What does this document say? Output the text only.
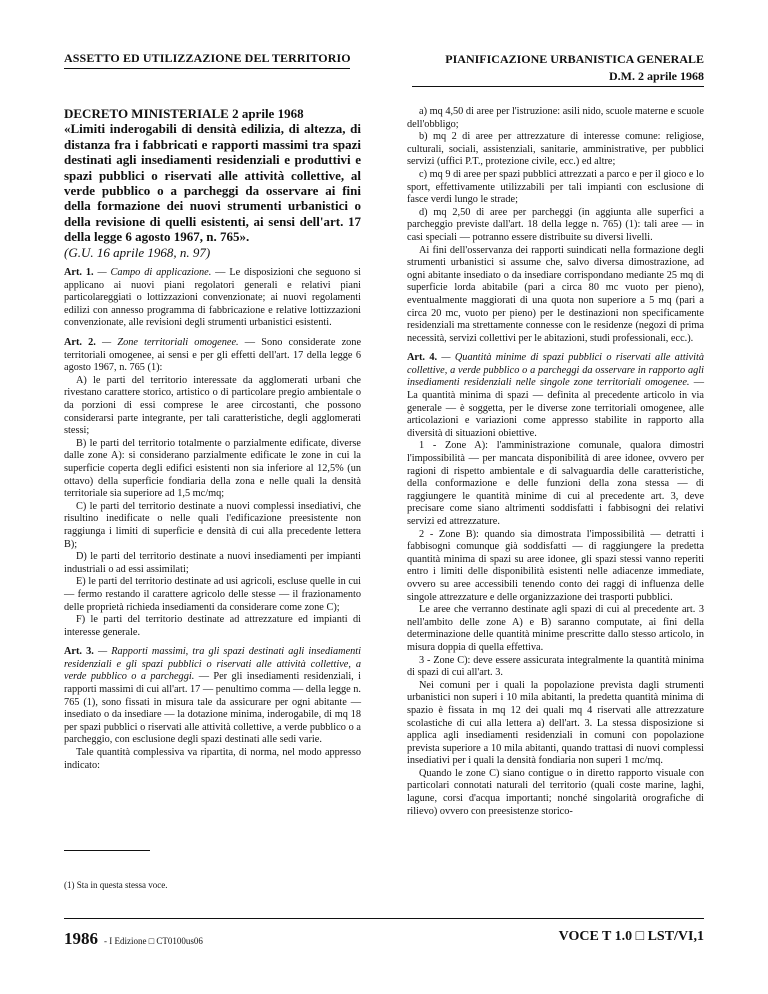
ASSETTO ED UTILIZZAZIONE DEL TERRITORIO	PIANIFICAZIONE URBANISTICA GENERALE
D.M. 2 aprile 1968

DECRETO MINISTERIALE 2 aprile 1968

«Limiti inderogabili di densità edilizia, di altezza, di distanza fra i fabbricati e rapporti massimi tra spazi destinati agli insediamenti residenziali e produttivi e spazi pubblici o riservati alle attività collettive, al verde pubblico o a parcheggi da osservare ai fini della formazione dei nuovi strumenti urbanistici o della revisione di quelli esistenti, ai sensi dell'art. 17 della legge 6 agosto 1967, n. 765».

(G.U. 16 aprile 1968, n. 97)

Art. 1. — Campo di applicazione. — Le disposizioni che seguono si applicano ai nuovi piani regolatori generali e relativi piani particolareggiati o lottizzazioni convenzionate; ai nuovi regolamenti edilizi con annesso programma di fabbricazione e relative lottizzazioni convenzionate, alle revisioni degli strumenti urbanistici esistenti.

Art. 2. — Zone territoriali omogenee. — Sono considerate zone territoriali omogenee, ai sensi e per gli effetti dell'art. 17 della legge 6 agosto 1967, n. 765 (1):

A) le parti del territorio interessate da agglomerati urbani che rivestano carattere storico, artistico o di particolare pregio ambientale o da porzioni di essi comprese le aree circostanti, che possono considerarsi parte integrante, per tali caratteristiche, degli agglomerati stessi;

B) le parti del territorio totalmente o parzialmente edificate, diverse dalle zone A): si considerano parzialmente edificate le zone in cui la superficie coperta degli edifici esistenti non sia inferiore al 12,5% (un ottavo) della superficie fondiaria della zona e nelle quali la densità territoriale sia superiore ad 1,5 mc/mq;

C) le parti del territorio destinate a nuovi complessi insediativi, che risultino inedificate o nelle quali l'edificazione preesistente non raggiunga i limiti di superficie e densità di cui alla precedente lettera B);

D) le parti del territorio destinate a nuovi insediamenti per impianti industriali o ad essi assimilati;

E) le parti del territorio destinate ad usi agricoli, escluse quelle in cui — fermo restando il carattere agricolo delle stesse — il frazionamento delle proprietà richieda insediamenti da considerare come zone C);

F) le parti del territorio destinate ad attrezzature ed impianti di interesse generale.

Art. 3. — Rapporti massimi, tra gli spazi destinati agli insediamenti residenziali e gli spazi pubblici o riservati alle attività collettive, a verde pubblico o a parcheggi. — Per gli insediamenti residenziali, i rapporti massimi di cui all'art. 17 — penultimo comma — della legge n. 765 (1), sono fissati in misura tale da assicurare per ogni abitante — insediato o da insediare — la dotazione minima, inderogabile, di mq 18 per spazi pubblici o riservati alle attività collettive, a verde pubblico o a parcheggio, con esclusione degli spazi destinati alle sedi varie.

Tale quantità complessiva va ripartita, di norma, nel modo appresso indicato:

a) mq 4,50 di aree per l'istruzione: asili nido, scuole materne e scuole dell'obbligo;

b) mq 2 di aree per attrezzature di interesse comune: religiose, culturali, sociali, assistenziali, sanitarie, amministrative, per pubblici servizi (uffici P.T., protezione civile, ecc.) ed altre;

c) mq 9 di aree per spazi pubblici attrezzati a parco e per il gioco e lo sport, effettivamente utilizzabili per tali impianti con esclusione di fasce verdi lungo le strade;

d) mq 2,50 di aree per parcheggi (in aggiunta alle superfici a parcheggio previste dall'art. 18 della legge n. 765) (1): tali aree — in casi speciali — potranno essere distribuite su diversi livelli.

Ai fini dell'osservanza dei rapporti suindicati nella formazione degli strumenti urbanistici si assume che, salvo diversa dimostrazione, ad ogni abitante insediato o da insediare corrispondano mediante 25 mq di superficie lorda abitabile (pari a circa 80 mc vuoto per pieno), eventualmente maggiorati di una quota non superiore a 5 mq (pari a circa 20 mc, vuoto per pieno) per le destinazioni non specificamente residenziali ma strettamente connesse con le residenze (negozi di prima necessità, servizi collettivi per le abitazioni, studi professionali, ecc.).

Art. 4. — Quantità minime di spazi pubblici o riservati alle attività collettive, a verde pubblico o a parcheggi da osservare in rapporto agli insediamenti residenziali nelle singole zone territoriali omogenee. — La quantità minima di spazi — definita al precedente articolo in via generale — è soggetta, per le diverse zone territoriali omogenee, alle articolazioni e variazioni come appresso stabilite in rapporto alla diversità di situazioni obiettive.

1 - Zone A): l'amministrazione comunale, qualora dimostri l'impossibilità — per mancata disponibilità di aree idonee, ovvero per ragioni di rispetto ambientale e di salvaguardia delle caratteristiche, della conformazione e delle funzioni della zona stessa — di raggiungere le quantità minime di cui al precedente art. 3, deve precisare come siano altrimenti soddisfatti i fabbisogni dei relativi servizi ed attrezzature.

2 - Zone B): quando sia dimostrata l'impossibilità — detratti i fabbisogni comunque già soddisfatti — di raggiungere la predetta quantità minima di spazi su aree idonee, gli spazi stessi vanno reperiti entro i limiti delle disponibilità esistenti nelle adiacenze immediate, ovvero su aree accessibili tenendo conto dei raggi di influenza delle singole attrezzature e delle organizzazione dei trasporti pubblici.

Le aree che verranno destinate agli spazi di cui al precedente art. 3 nell'ambito delle zone A) e B) saranno computate, ai fini della determinazione delle quantità minime prescritte dallo stesso articolo, in misura doppia di quella effettiva.

3 - Zone C): deve essere assicurata integralmente la quantità minima di spazi di cui all'art. 3.

Nei comuni per i quali la popolazione prevista dagli strumenti urbanistici non superi i 10 mila abitanti, la predetta quantità minima di spazio è fissata in mq 12 dei quali mq 4 riservati alle attrezzature scolastiche di cui alla lettera a) dell'art. 3. La stessa disposizione si applica agli insediamenti residenziali in comuni con popolazione prevista superiore a 10 mila abitanti, quando trattasi di nuovi complessi insediativi per i quali la densità fondiaria non superi 1 mc/mq.

Quando le zone C) siano contigue o in diretto rapporto visuale con particolari connotati naturali del territorio (quali coste marine, laghi, lagune, corsi d'acqua importanti; nonché singolarità orografiche di rilievo) ovvero con preesistenze storico-

(1) Sta in questa stessa voce.
1986 - I Edizione □ CT0100us06	VOCE T 1.0 □ LST/VI,1
